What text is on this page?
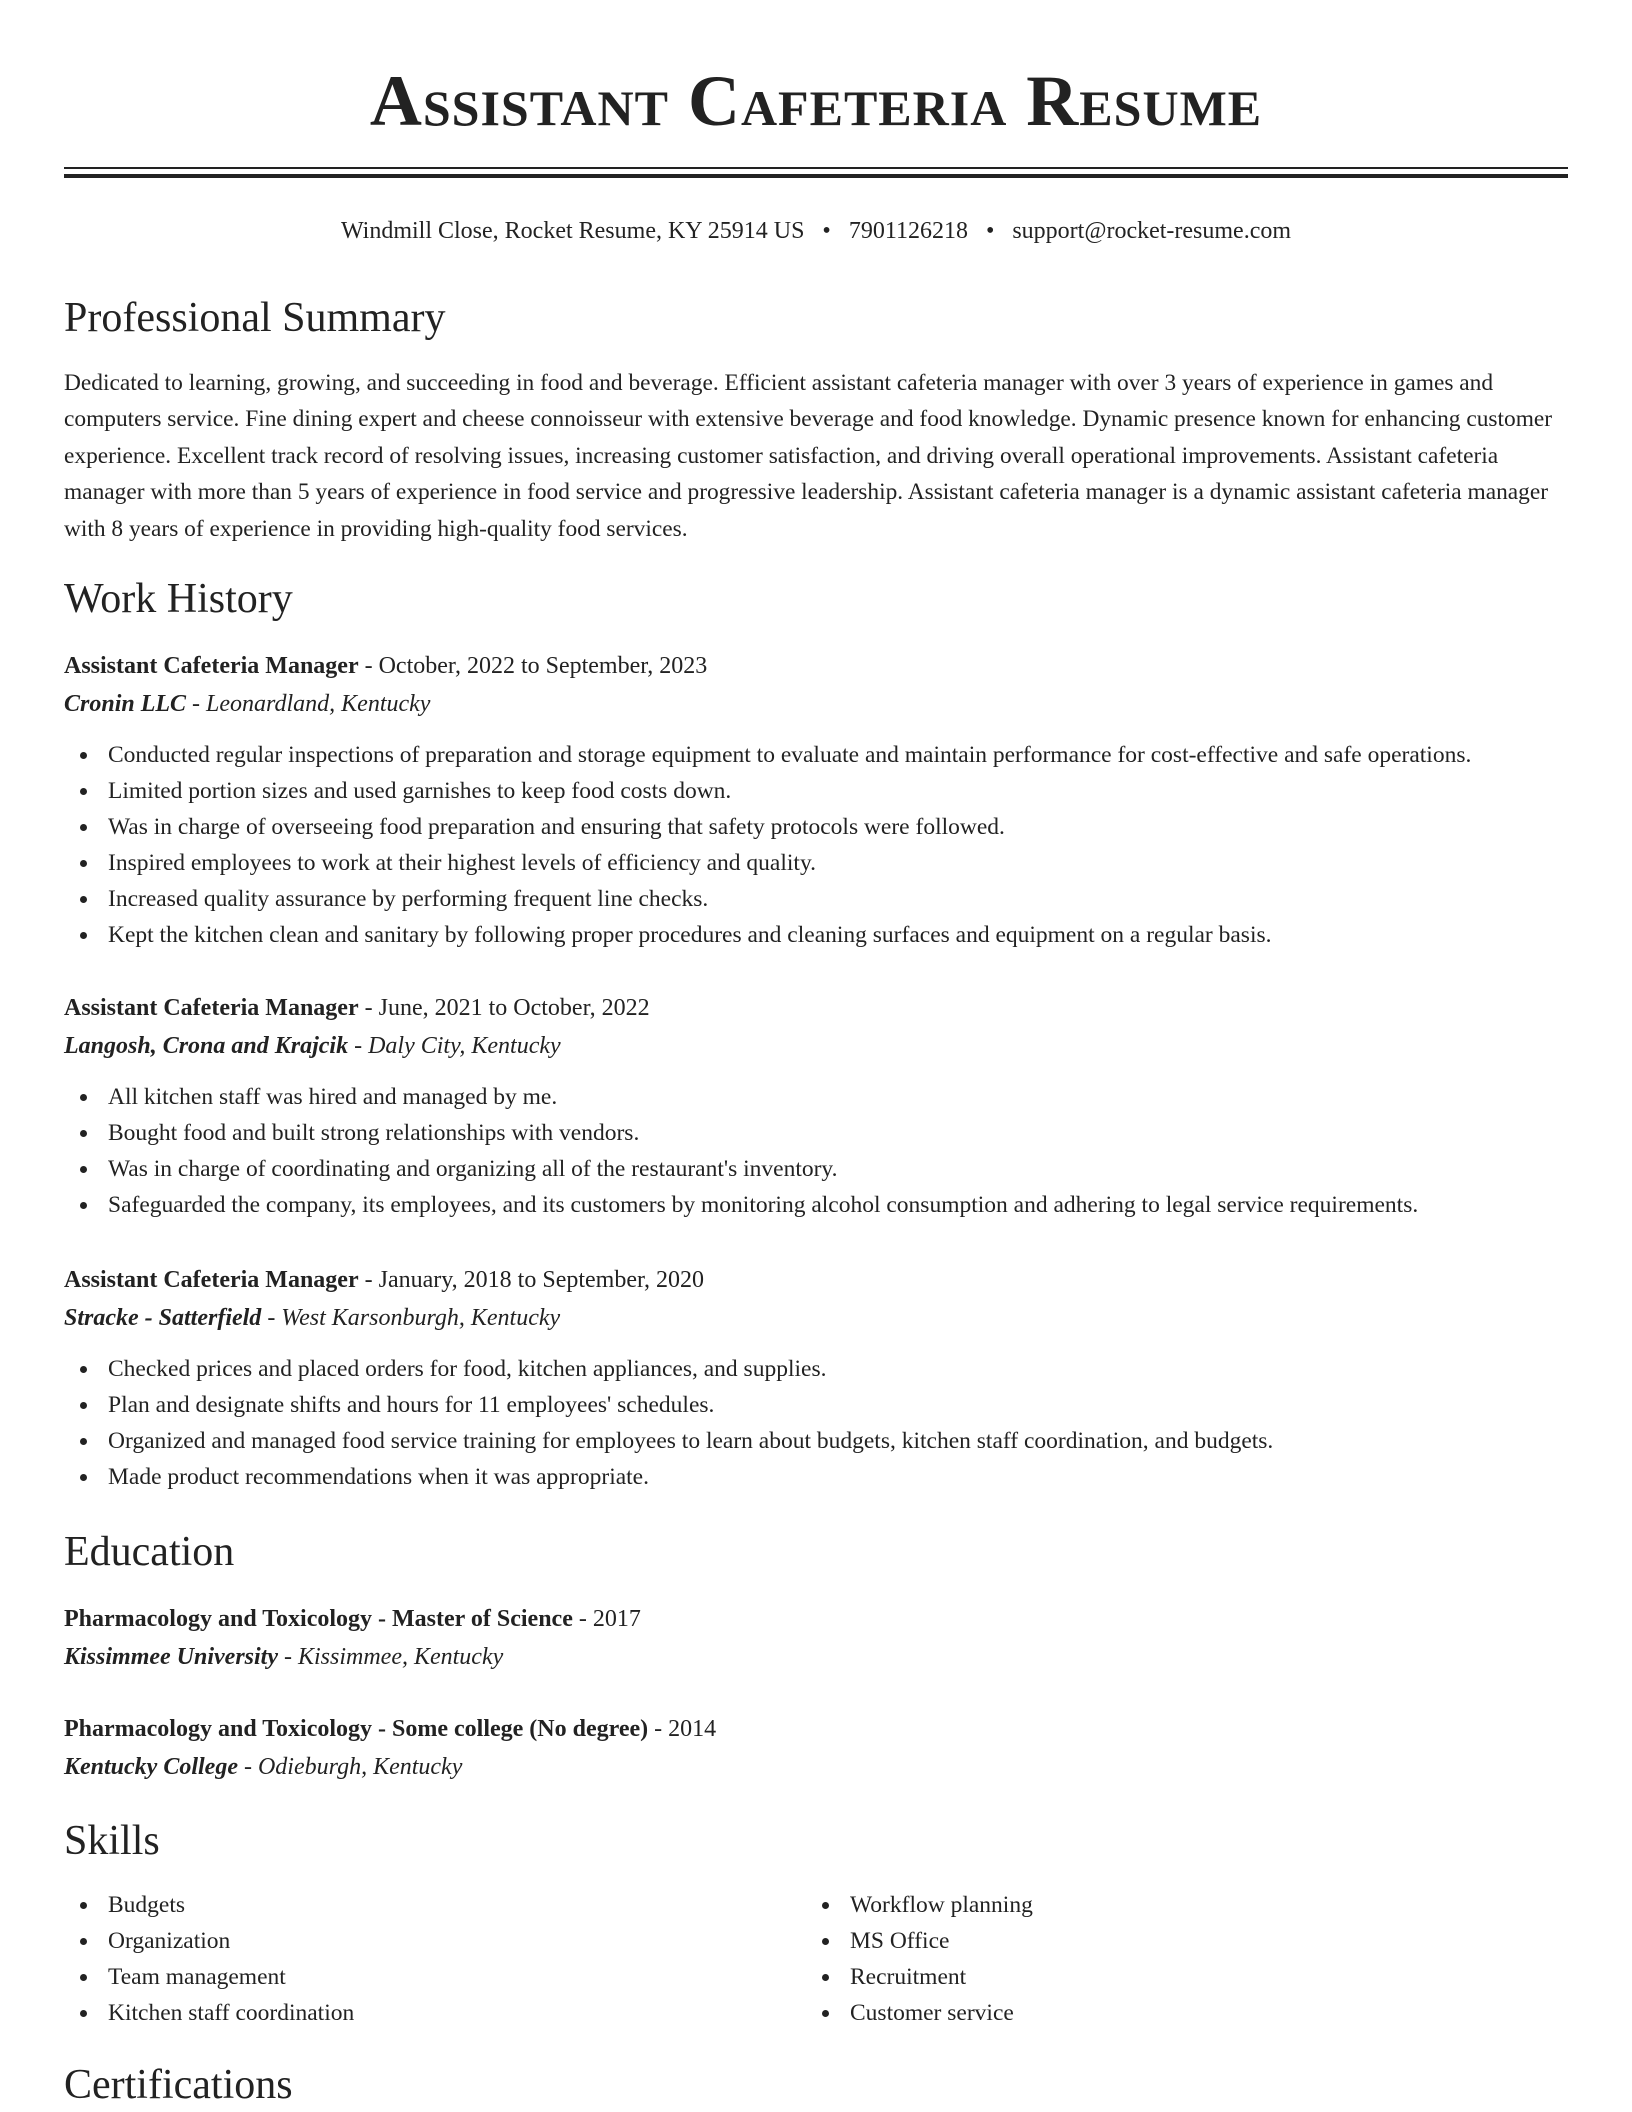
Assistant Cafeteria Resume
Windmill Close, Rocket Resume, KY 25914 US • 7901126218 • support@rocket-resume.com
Professional Summary

Dedicated to learning, growing, and succeeding in food and beverage. Efficient assistant cafeteria manager with over 3 years of experience in games and computers service. Fine dining expert and cheese connoisseur with extensive beverage and food knowledge. Dynamic presence known for enhancing customer experience. Excellent track record of resolving issues, increasing customer satisfaction, and driving overall operational improvements. Assistant cafeteria manager with more than 5 years of experience in food service and progressive leadership. Assistant cafeteria manager is a dynamic assistant cafeteria manager with 8 years of experience in providing high-quality food services.

Work History
Assistant Cafeteria Manager - October, 2022 to September, 2023
Cronin LLC - Leonardland, Kentucky
Conducted regular inspections of preparation and storage equipment to evaluate and maintain performance for cost-effective and safe operations.
Limited portion sizes and used garnishes to keep food costs down.
Was in charge of overseeing food preparation and ensuring that safety protocols were followed.
Inspired employees to work at their highest levels of efficiency and quality.
Increased quality assurance by performing frequent line checks.
Kept the kitchen clean and sanitary by following proper procedures and cleaning surfaces and equipment on a regular basis.
Assistant Cafeteria Manager - June, 2021 to October, 2022
Langosh, Crona and Krajcik - Daly City, Kentucky
All kitchen staff was hired and managed by me.
Bought food and built strong relationships with vendors.
Was in charge of coordinating and organizing all of the restaurant's inventory.
Safeguarded the company, its employees, and its customers by monitoring alcohol consumption and adhering to legal service requirements.
Assistant Cafeteria Manager - January, 2018 to September, 2020
Stracke - Satterfield - West Karsonburgh, Kentucky
Checked prices and placed orders for food, kitchen appliances, and supplies.
Plan and designate shifts and hours for 11 employees' schedules.
Organized and managed food service training for employees to learn about budgets, kitchen staff coordination, and budgets.
Made product recommendations when it was appropriate.
Education
Pharmacology and Toxicology - Master of Science - 2017
Kissimmee University - Kissimmee, Kentucky
Pharmacology and Toxicology - Some college (No degree) - 2014
Kentucky College - Odieburgh, Kentucky
Skills
Budgets
Organization
Team management
Kitchen staff coordination
Workflow planning
MS Office
Recruitment
Customer service
Certifications
